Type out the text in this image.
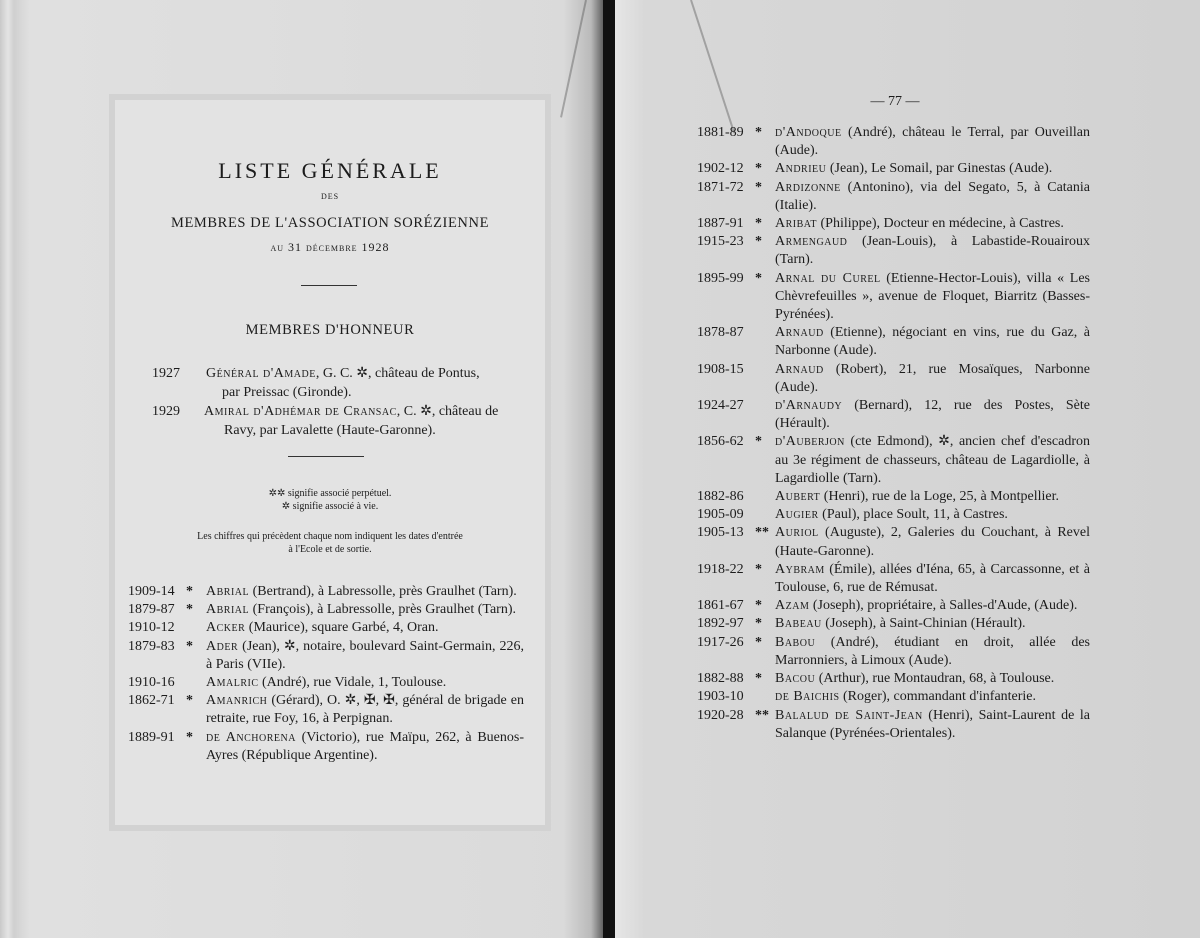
LISTE GÉNÉRALE
DES
MEMBRES DE L'ASSOCIATION SORÉZIENNE
au 31 décembre 1928
MEMBRES D'HONNEUR
1927	Général d'Amade, G. C. ✲, château de Pontus,
par Preissac (Gironde).
1929	Amiral d'Adhémar de Cransac, C. ✲, château de
Ravy, par Lavalette (Haute-Garonne).
✲✲ signifie associé perpétuel.
✲ signifie associé à vie.
Les chiffres qui précèdent chaque nom indiquent les dates d'entrée
à l'Ecole et de sortie.
1909-14 * Abrial (Bertrand), à Labressolle, près Graulhet (Tarn).
1879-87 * Abrial (François), à Labressolle, près Graulhet (Tarn).
1910-12 Acker (Maurice), square Garbé, 4, Oran.
1879-83 * Ader (Jean), ✲, notaire, boulevard Saint-Germain, 226, à Paris (VIIe).
1910-16 Amalric (André), rue Vidale, 1, Toulouse.
1862-71 * Amanrich (Gérard), O. ✲, ✠, ✠, général de brigade en retraite, rue Foy, 16, à Perpignan.
1889-91 * de Anchorena (Victorio), rue Maïpu, 262, à Buenos-Ayres (République Argentine).
— 77 —
1881-89 * d'Andoque (André), château le Terral, par Ouveillan (Aude).
1902-12 * Andrieu (Jean), Le Somail, par Ginestas (Aude).
1871-72 * Ardizonne (Antonino), via del Segato, 5, à Catania (Italie).
1887-91 * Aribat (Philippe), Docteur en médecine, à Castres.
1915-23 * Armengaud (Jean-Louis), à Labastide-Rouairoux (Tarn).
1895-99 * Arnal du Curel (Etienne-Hector-Louis), villa « Les Chèvrefeuilles », avenue de Floquet, Biarritz (Basses-Pyrénées).
1878-87 Arnaud (Etienne), négociant en vins, rue du Gaz, à Narbonne (Aude).
1908-15 Arnaud (Robert), 21, rue Mosaïques, Narbonne (Aude).
1924-27 d'Arnaudy (Bernard), 12, rue des Postes, Sète (Hérault).
1856-62 * d'Auberjon (cte Edmond), ✲, ancien chef d'escadron au 3e régiment de chasseurs, château de Lagardiolle, à Lagardiolle (Tarn).
1882-86 Aubert (Henri), rue de la Loge, 25, à Montpellier.
1905-09 Augier (Paul), place Soult, 11, à Castres.
1905-13 ** Auriol (Auguste), 2, Galeries du Couchant, à Revel (Haute-Garonne).
1918-22 * Aybram (Émile), allées d'Iéna, 65, à Carcassonne, et à Toulouse, 6, rue de Rémusat.
1861-67 * Azam (Joseph), propriétaire, à Salles-d'Aude, (Aude).
1892-97 * Babeau (Joseph), à Saint-Chinian (Hérault).
1917-26 * Babou (André), étudiant en droit, allée des Marronniers, à Limoux (Aude).
1882-88 * Bacou (Arthur), rue Montaudran, 68, à Toulouse.
1903-10 de Baichis (Roger), commandant d'infanterie.
1920-28 ** Balalud de Saint-Jean (Henri), Saint-Laurent de la Salanque (Pyrénées-Orientales).
